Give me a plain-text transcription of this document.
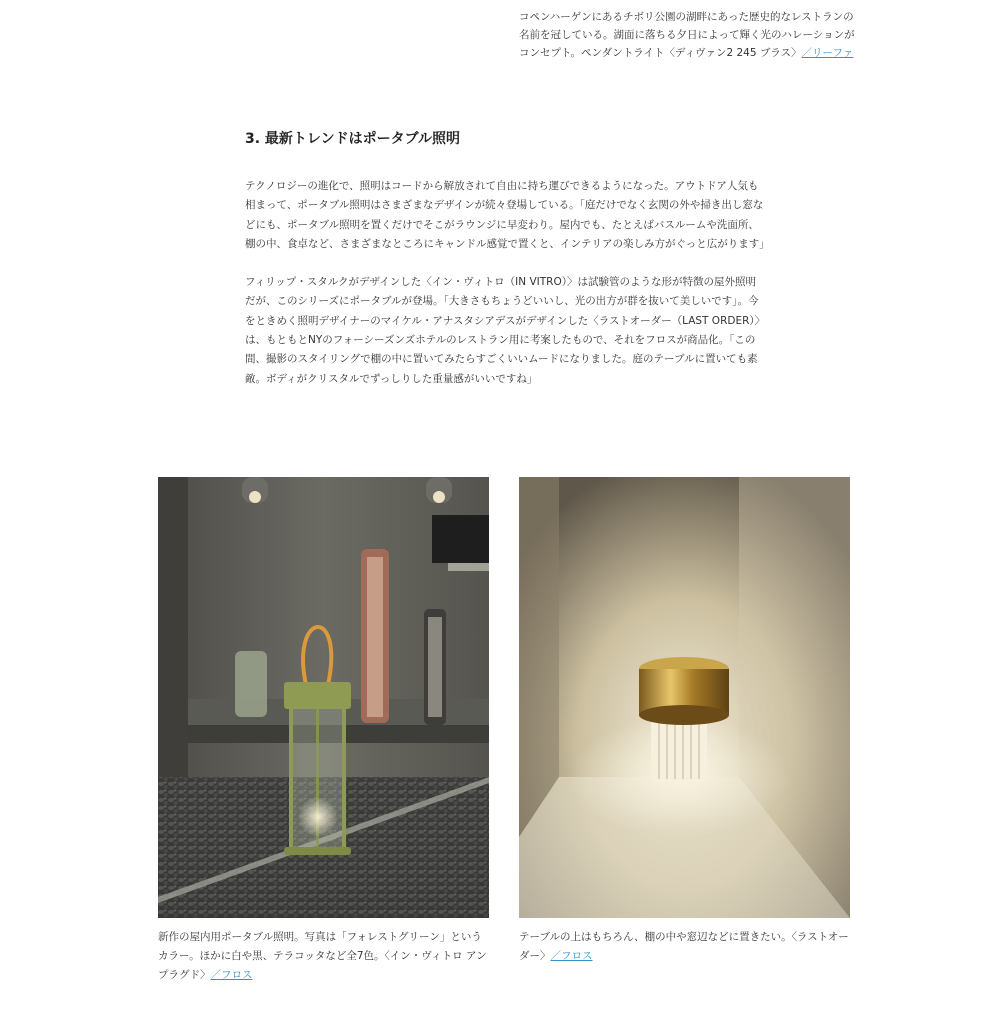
コペンハーゲンにあるチボリ公園の湖畔にあった歴史的なレストランの名前を冠している。湖面に落ちる夕日によって輝く光のハレーションがコンセプト。ペンダントライト〈ディヴァン2 245 ブラス〉／リーファ
3. 最新トレンドはポータブル照明

テクノロジーの進化で、照明はコードから解放されて自由に持ち運びできるようになった。アウトドア人気も相まって、ポータブル照明はさまざまなデザインが続々登場している。「庭だけでなく玄関の外や掃き出し窓などにも、ポータブル照明を置くだけでそこがラウンジに早変わり。屋内でも、たとえばバスルームや洗面所、棚の中、食卓など、さまざまなところにキャンドル感覚で置くと、インテリアの楽しみ方がぐっと広がります」

フィリップ・スタルクがデザインした〈イン・ヴィトロ（IN VITRO）〉は試験管のような形が特徴の屋外照明だが、このシリーズにポータブルが登場。「大きさもちょうどいいし、光の出方が群を抜いて美しいです」。今をときめく照明デザイナーのマイケル・アナスタシアデスがデザインした〈ラストオーダー（LAST ORDER）〉は、もともとNYのフォーシーズンズホテルのレストラン用に考案したもので、それをフロスが商品化。「この間、撮影のスタイリングで棚の中に置いてみたらすごくいいムードになりました。庭のテーブルに置いても素敵。ボディがクリスタルでずっしりした重量感がいいですね」

新作の屋内用ポータブル照明。写真は「フォレストグリーン」というカラー。ほかに白や黒、テラコッタなど全7色。〈イン・ヴィトロ アンプラグド〉／フロス
テーブルの上はもちろん、棚の中や窓辺などに置きたい。〈ラストオーダー〉／フロス
